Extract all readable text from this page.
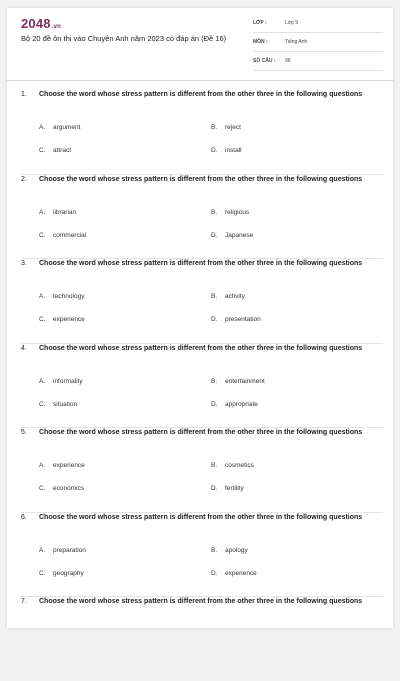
2048.vn
Bộ 20 đề ôn thi vào Chuyên Anh năm 2023 có đáp án (Đề 16)
LỚP :	Lớp 9
MÔN :	Tiếng Anh
SỐ CÂU : 96
1.	Choose the word whose stress pattern is different from the other three in the following questions
A. argument	B. reject
C. attract	D. install
2.	Choose the word whose stress pattern is different from the other three in the following questions
A. librarian	B. religious
C. commercial	D. Japanese
3.	Choose the word whose stress pattern is different from the other three in the following questions
A. technology	B. activity
C. experience	D. presentation
4.	Choose the word whose stress pattern is different from the other three in the following questions
A. informality	B. entertainment
C. situation	D. appropriate
5.	Choose the word whose stress pattern is different from the other three in the following questions
A. experience	B. cosmetics
C. economics	D. fertility
6.	Choose the word whose stress pattern is different from the other three in the following questions
A. preparation	B. apology
C. geography	D. experience
7.	Choose the word whose stress pattern is different from the other three in the following questions
